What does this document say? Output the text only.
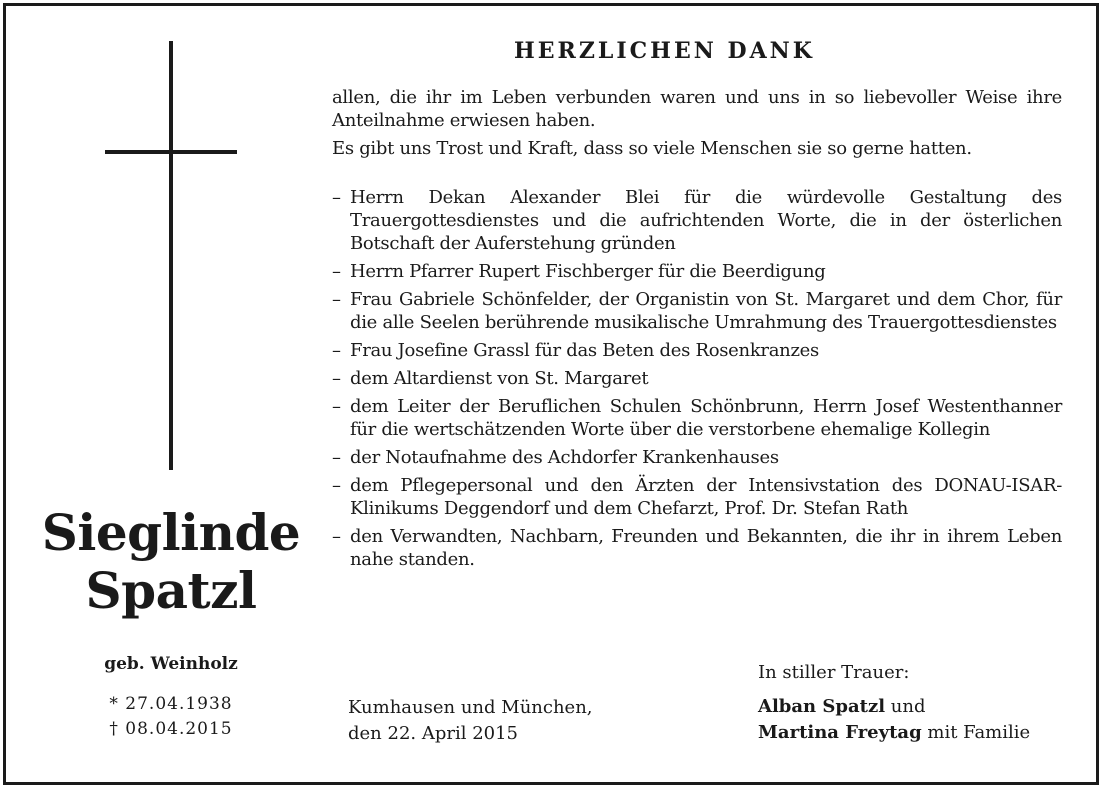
Sieglinde
Spatzl
geb. Weinholz
* 27.04.1938
† 08.04.2015
HERZLICHEN DANK

allen, die ihr im Leben verbunden waren und uns in so liebevoller Weise ihre Anteilnahme erwiesen haben.

Es gibt uns Trost und Kraft, dass so viele Menschen sie so gerne hatten.

– Herrn Dekan Alexander Blei für die würdevolle Gestaltung des Trauergottesdienstes und die aufrichtenden Worte, die in der österlichen Botschaft der Auferstehung gründen
– Herrn Pfarrer Rupert Fischberger für die Beerdigung
– Frau Gabriele Schönfelder, der Organistin von St. Margaret und dem Chor, für die alle Seelen berührende musikalische Umrahmung des Trauergottesdienstes
– Frau Josefine Grassl für das Beten des Rosenkranzes
– dem Altardienst von St. Margaret
– dem Leiter der Beruflichen Schulen Schönbrunn, Herrn Josef Westenthanner für die wertschätzenden Worte über die verstorbene ehemalige Kollegin
– der Notaufnahme des Achdorfer Krankenhauses
– dem Pflegepersonal und den Ärzten der Intensivstation des DONAU-ISAR-Klinikums Deggendorf und dem Chefarzt, Prof. Dr. Stefan Rath
– den Verwandten, Nachbarn, Freunden und Bekannten, die ihr in ihrem Leben nahe standen.
Kumhausen und München,
den 22. April 2015
In stiller Trauer:
Alban Spatzl und
Martina Freytag mit Familie
